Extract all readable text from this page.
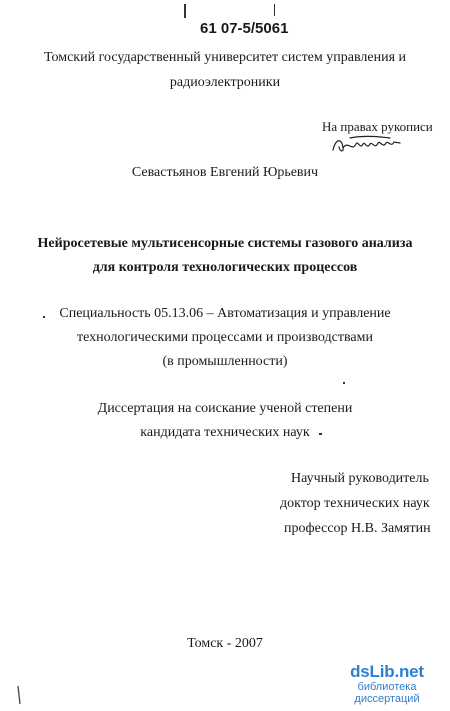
61 07-5/5061
Томский государственный университет систем управления и
радиоэлектроники
На правах рукописи
Севастьянов Евгений Юрьевич
Нейросетевые мультисенсорные системы газового анализа
для контроля технологических процессов
Специальность 05.13.06 – Автоматизация и управление
технологическими процессами и производствами
(в промышленности)
Диссертация на соискание ученой степени
кандидата технических наук
Научный руководитель
доктор технических наук
профессор Н.В. Замятин
Томск - 2007
dsLib.net
библиотека диссертаций
